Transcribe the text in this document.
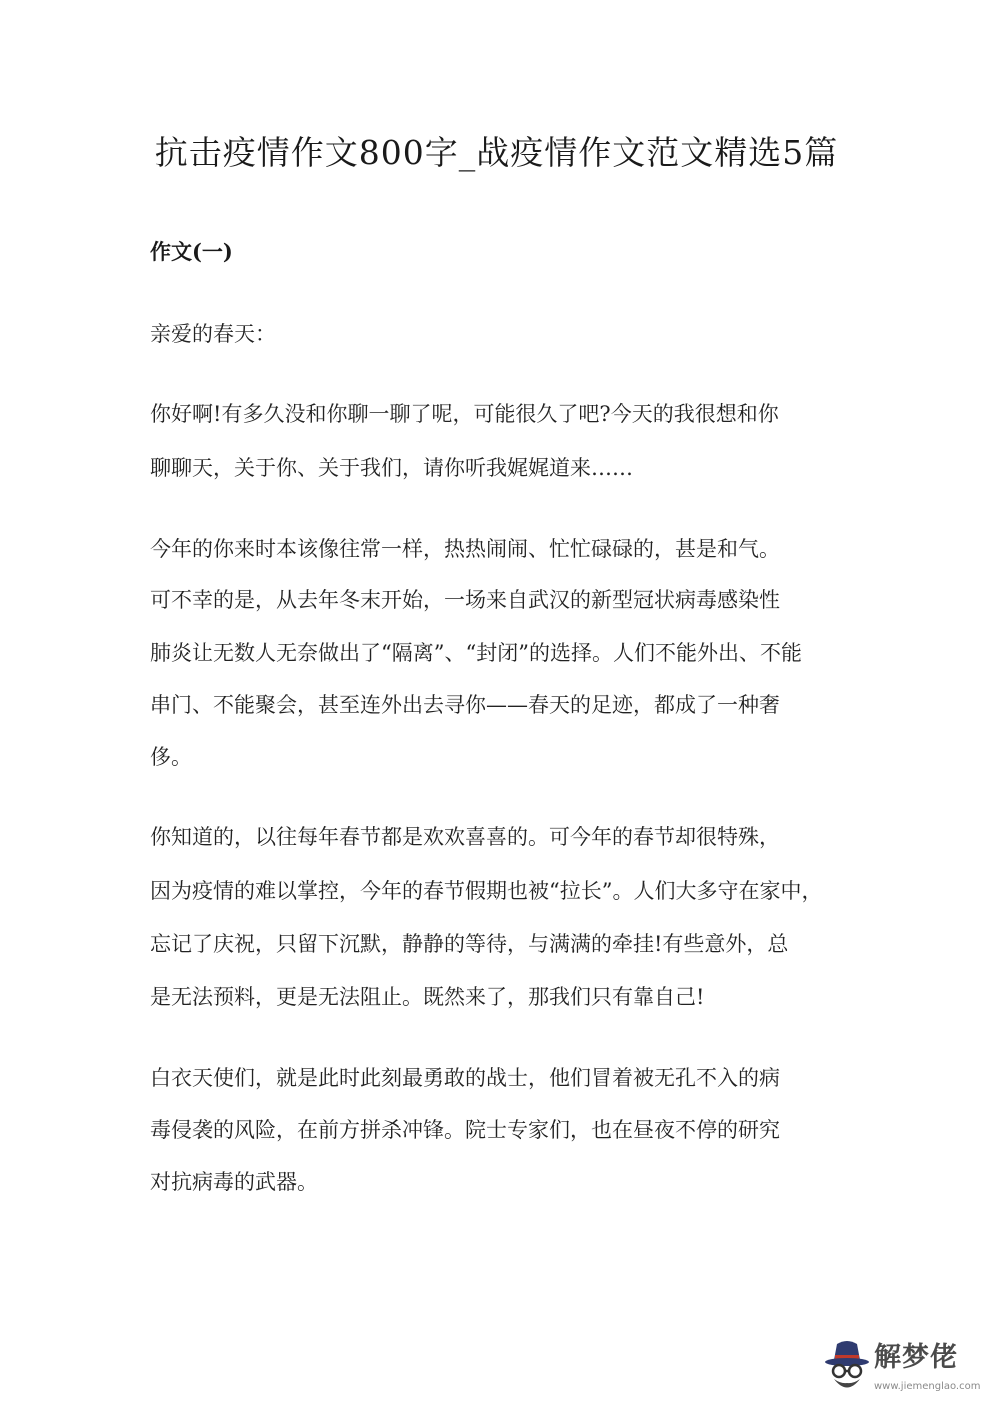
抗击疫情作文800字_战疫情作文范文精选5篇
作文(一)

亲爱的春天：

你好啊!有多久没和你聊一聊了呢，可能很久了吧?今天的我很想和你

聊聊天，关于你、关于我们，请你听我娓娓道来……

今年的你来时本该像往常一样，热热闹闹、忙忙碌碌的，甚是和气。

可不幸的是，从去年冬末开始，一场来自武汉的新型冠状病毒感染性

肺炎让无数人无奈做出了“隔离”、“封闭”的选择。人们不能外出、不能

串门、不能聚会，甚至连外出去寻你——春天的足迹，都成了一种奢

侈。

你知道的，以往每年春节都是欢欢喜喜的。可今年的春节却很特殊，

因为疫情的难以掌控，今年的春节假期也被“拉长”。人们大多守在家中，

忘记了庆祝，只留下沉默，静静的等待，与满满的牵挂!有些意外，总

是无法预料，更是无法阻止。既然来了，那我们只有靠自己!

白衣天使们，就是此时此刻最勇敢的战士，他们冒着被无孔不入的病

毒侵袭的风险，在前方拼杀冲锋。院士专家们，也在昼夜不停的研究

对抗病毒的武器。

解梦佬
www.jiemenglao.com
